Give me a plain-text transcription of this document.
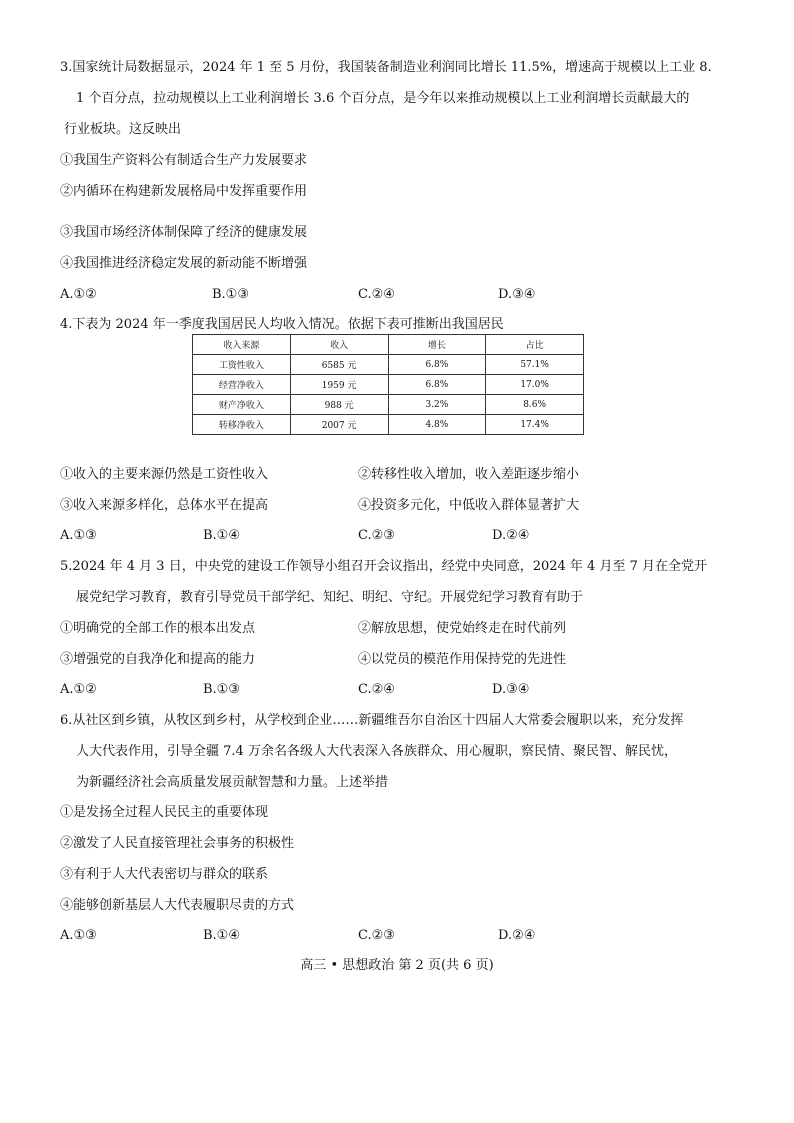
3.国家统计局数据显示，2024 年 1 至 5 月份，我国装备制造业利润同比增长 11.5%，增速高于规模以上工业 8.
1 个百分点，拉动规模以上工业利润增长 3.6 个百分点，是今年以来推动规模以上工业利润增长贡献最大的
行业板块。这反映出
①我国生产资料公有制适合生产力发展要求
②内循环在构建新发展格局中发挥重要作用
③我国市场经济体制保障了经济的健康发展
④我国推进经济稳定发展的新动能不断增强
A.①②	B.①③	C.②④	D.③④
4.下表为 2024 年一季度我国居民人均收入情况。依据下表可推断出我国居民
收入来源	收入	增长	占比
工资性收入	6585 元	6.8%	57.1%
经营净收入	1959 元	6.8%	17.0%
财产净收入	988 元	3.2%	8.6%
转移净收入	2007 元	4.8%	17.4%
①收入的主要来源仍然是工资性收入	②转移性收入增加，收入差距逐步缩小
③收入来源多样化，总体水平在提高	④投资多元化，中低收入群体显著扩大
A.①③	B.①④	C.②③	D.②④
5.2024 年 4 月 3 日，中央党的建设工作领导小组召开会议指出，经党中央同意，2024 年 4 月至 7 月在全党开
展党纪学习教育，教育引导党员干部学纪、知纪、明纪、守纪。开展党纪学习教育有助于
①明确党的全部工作的根本出发点	②解放思想，使党始终走在时代前列
③增强党的自我净化和提高的能力	④以党员的模范作用保持党的先进性
A.①②	B.①③	C.②④	D.③④
6.从社区到乡镇，从牧区到乡村，从学校到企业……新疆维吾尔自治区十四届人大常委会履职以来，充分发挥
人大代表作用，引导全疆 7.4 万余名各级人大代表深入各族群众、用心履职，察民情、聚民智、解民忧，
为新疆经济社会高质量发展贡献智慧和力量。上述举措
①是发扬全过程人民民主的重要体现
②激发了人民直接管理社会事务的积极性
③有利于人大代表密切与群众的联系
④能够创新基层人大代表履职尽责的方式
A.①③	B.①④	C.②③	D.②④
高三 • 思想政治 第 2 页(共 6 页)
